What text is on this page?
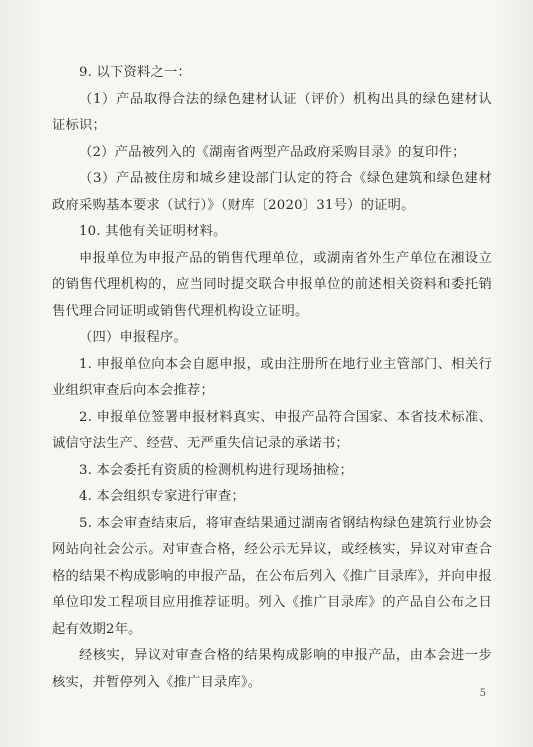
9. 以下资料之一：
（1）产品取得合法的绿色建材认证（评价）机构出具的绿色建材认证标识；
（2）产品被列入的《湖南省两型产品政府采购目录》的复印件；
（3）产品被住房和城乡建设部门认定的符合《绿色建筑和绿色建材政府采购基本要求（试行）》（财库〔2020〕31号）的证明。
10. 其他有关证明材料。
申报单位为申报产品的销售代理单位，或湖南省外生产单位在湘设立的销售代理机构的，应当同时提交联合申报单位的前述相关资料和委托销售代理合同证明或销售代理机构设立证明。
（四）申报程序。
1. 申报单位向本会自愿申报，或由注册所在地行业主管部门、相关行业组织审查后向本会推荐；
2. 申报单位签署申报材料真实、申报产品符合国家、本省技术标准、诚信守法生产、经营、无严重失信记录的承诺书；
3. 本会委托有资质的检测机构进行现场抽检；
4. 本会组织专家进行审查；
5. 本会审查结束后，将审查结果通过湖南省钢结构绿色建筑行业协会网站向社会公示。对审查合格，经公示无异议，或经核实，异议对审查合格的结果不构成影响的申报产品，在公布后列入《推广目录库》，并向申报单位印发工程项目应用推荐证明。列入《推广目录库》的产品自公布之日起有效期2年。
经核实，异议对审查合格的结果构成影响的申报产品，由本会进一步核实，并暂停列入《推广目录库》。
5
